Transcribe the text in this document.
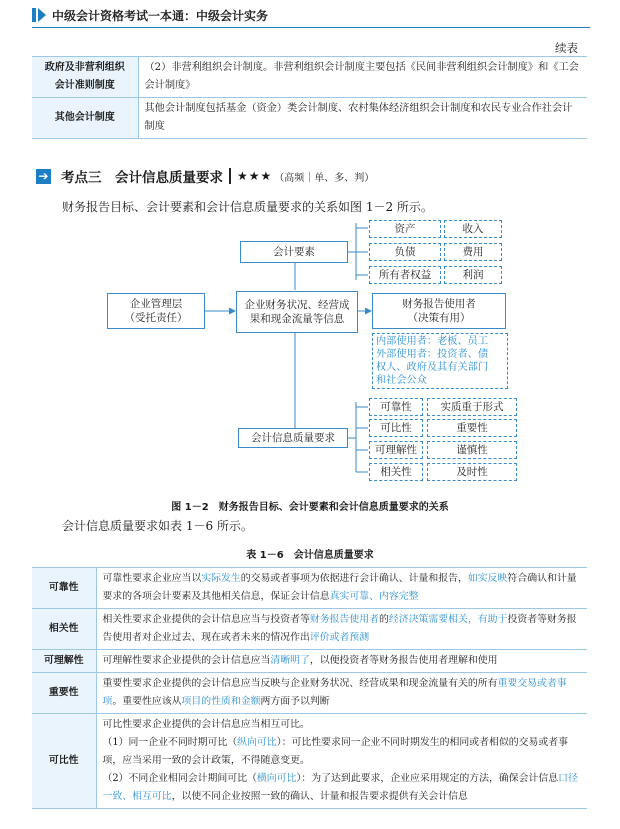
中级会计资格考试一本通：中级会计实务
续表
政府及非营利组织
会计准则制度	（2）非营利组织会计制度。非营利组织会计制度主要包括《民间非营利组织会计制度》和《工会会计制度》
其他会计制度	其他会计制度包括基金（资金）类会计制度、农村集体经济组织会计制度和农民专业合作社会计制度
➔ 考点三　会计信息质量要求 ★★★ （高频｜单、多、判）
财务报告目标、会计要素和会计信息质量要求的关系如图 1－2 所示。
会计要素
资产	收入
负债	费用
所有者权益	利润
企业管理层
（受托责任）
企业财务状况、经营成
果和现金流量等信息
财务报告使用者
（决策有用）
内部使用者：老板、员工
外部使用者：投资者、债
权人、政府及其有关部门
和社会公众
会计信息质量要求
可靠性	实质重于形式
可比性	重要性
可理解性	谨慎性
相关性	及时性
图 1－2　财务报告目标、会计要素和会计信息质量要求的关系
会计信息质量要求如表 1－6 所示。
表 1－6　会计信息质量要求
可靠性	可靠性要求企业应当以实际发生的交易或者事项为依据进行会计确认、计量和报告，如实反映符合确认和计量要求的各项会计要素及其他相关信息，保证会计信息真实可靠、内容完整
相关性	相关性要求企业提供的会计信息应当与投资者等财务报告使用者的经济决策需要相关，有助于投资者等财务报告使用者对企业过去、现在或者未来的情况作出评价或者预测
可理解性	可理解性要求企业提供的会计信息应当清晰明了，以便投资者等财务报告使用者理解和使用
重要性	重要性要求企业提供的会计信息应当反映与企业财务状况、经营成果和现金流量有关的所有重要交易或者事项。重要性应该从项目的性质和金额两方面予以判断
可比性	可比性要求企业提供的会计信息应当相互可比。
（1）同一企业不同时期可比（纵向可比）：可比性要求同一企业不同时期发生的相同或者相似的交易或者事项，应当采用一致的会计政策，不得随意变更。
（2）不同企业相同会计期间可比（横向可比）：为了达到此要求，企业应采用规定的方法，确保会计信息口径一致、相互可比，以使不同企业按照一致的确认、计量和报告要求提供有关会计信息
